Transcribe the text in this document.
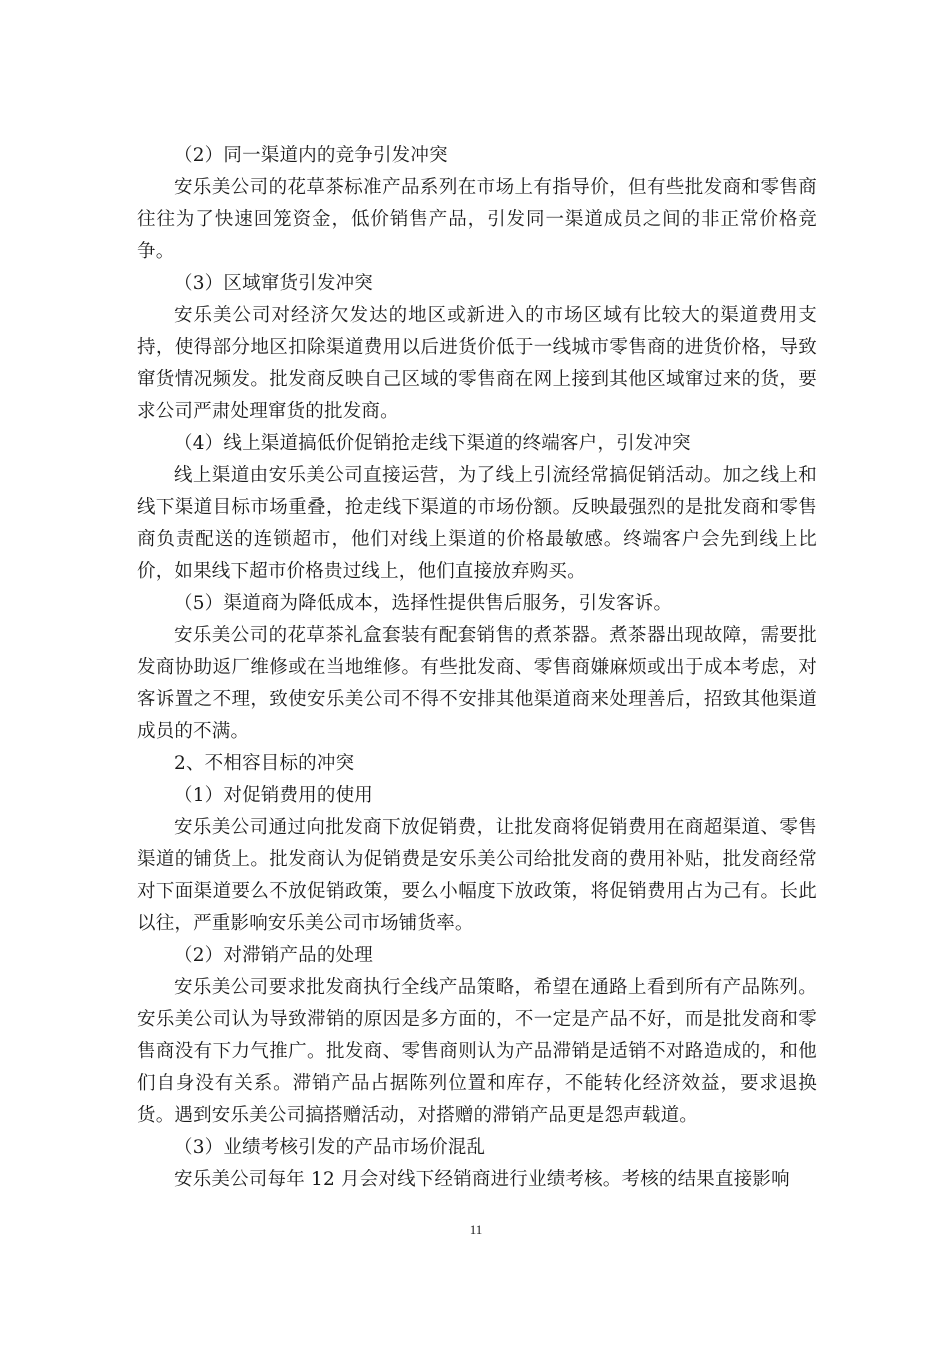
（2）同一渠道内的竞争引发冲突

安乐美公司的花草茶标准产品系列在市场上有指导价，但有些批发商和零售商往往为了快速回笼资金，低价销售产品，引发同一渠道成员之间的非正常价格竞争。

（3）区域窜货引发冲突

安乐美公司对经济欠发达的地区或新进入的市场区域有比较大的渠道费用支持，使得部分地区扣除渠道费用以后进货价低于一线城市零售商的进货价格，导致窜货情况频发。批发商反映自己区域的零售商在网上接到其他区域窜过来的货，要求公司严肃处理窜货的批发商。

（4）线上渠道搞低价促销抢走线下渠道的终端客户，引发冲突

线上渠道由安乐美公司直接运营，为了线上引流经常搞促销活动。加之线上和线下渠道目标市场重叠，抢走线下渠道的市场份额。反映最强烈的是批发商和零售商负责配送的连锁超市，他们对线上渠道的价格最敏感。终端客户会先到线上比价，如果线下超市价格贵过线上，他们直接放弃购买。

（5）渠道商为降低成本，选择性提供售后服务，引发客诉。

安乐美公司的花草茶礼盒套装有配套销售的煮茶器。煮茶器出现故障，需要批发商协助返厂维修或在当地维修。有些批发商、零售商嫌麻烦或出于成本考虑，对客诉置之不理，致使安乐美公司不得不安排其他渠道商来处理善后，招致其他渠道成员的不满。

2、不相容目标的冲突

（1）对促销费用的使用

安乐美公司通过向批发商下放促销费，让批发商将促销费用在商超渠道、零售渠道的铺货上。批发商认为促销费是安乐美公司给批发商的费用补贴，批发商经常对下面渠道要么不放促销政策，要么小幅度下放政策，将促销费用占为己有。长此以往，严重影响安乐美公司市场铺货率。

（2）对滞销产品的处理

安乐美公司要求批发商执行全线产品策略，希望在通路上看到所有产品陈列。安乐美公司认为导致滞销的原因是多方面的，不一定是产品不好，而是批发商和零售商没有下力气推广。批发商、零售商则认为产品滞销是适销不对路造成的，和他们自身没有关系。滞销产品占据陈列位置和库存，不能转化经济效益，要求退换货。遇到安乐美公司搞搭赠活动，对搭赠的滞销产品更是怨声载道。

（3）业绩考核引发的产品市场价混乱

安乐美公司每年 12 月会对线下经销商进行业绩考核。考核的结果直接影响

11
